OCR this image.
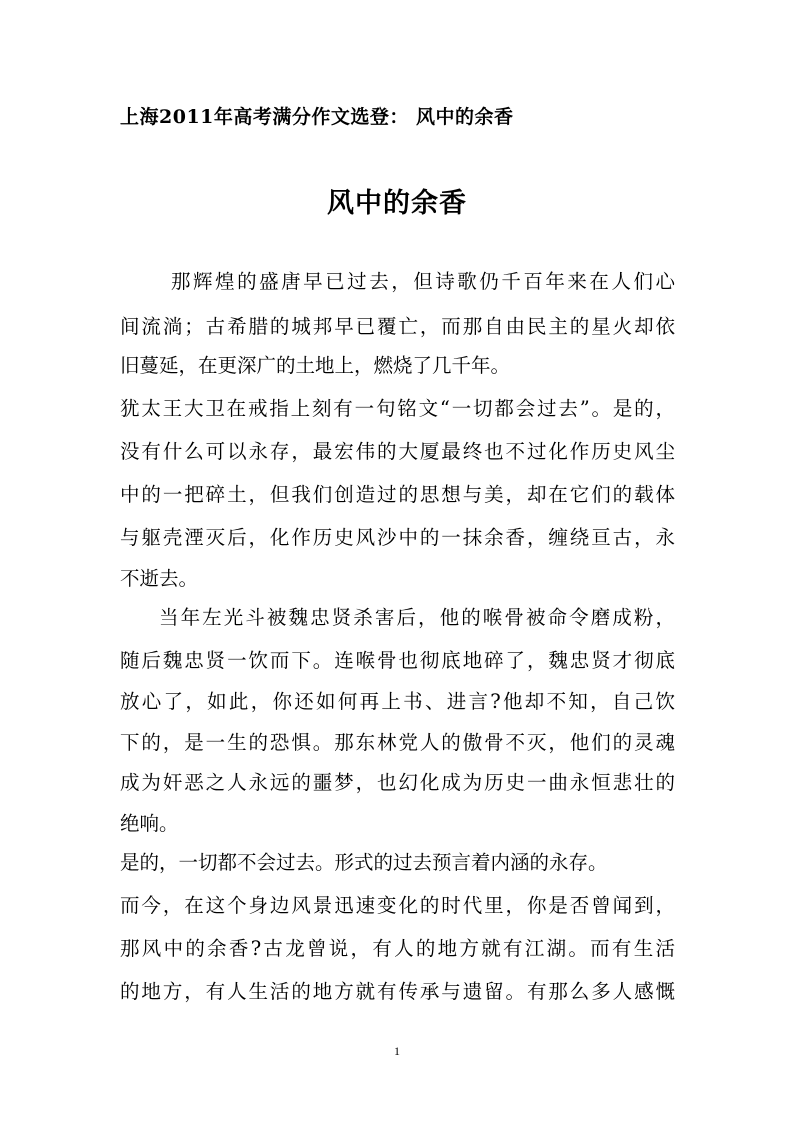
上海2011年高考满分作文选登： 风中的余香
风中的余香
那辉煌的盛唐早已过去，但诗歌仍千百年来在人们心
间流淌；古希腊的城邦早已覆亡，而那自由民主的星火却依
旧蔓延，在更深广的土地上，燃烧了几千年。
犹太王大卫在戒指上刻有一句铭文“一切都会过去”。是的，
没有什么可以永存，最宏伟的大厦最终也不过化作历史风尘
中的一把碎土，但我们创造过的思想与美，却在它们的载体
与躯壳湮灭后，化作历史风沙中的一抹余香，缠绕亘古，永
不逝去。
当年左光斗被魏忠贤杀害后，他的喉骨被命令磨成粉，
随后魏忠贤一饮而下。连喉骨也彻底地碎了，魏忠贤才彻底
放心了，如此，你还如何再上书、进言?他却不知，自己饮
下的，是一生的恐惧。那东林党人的傲骨不灭，他们的灵魂
成为奸恶之人永远的噩梦，也幻化成为历史一曲永恒悲壮的
绝响。
是的，一切都不会过去。形式的过去预言着内涵的永存。
而今，在这个身边风景迅速变化的时代里，你是否曾闻到，
那风中的余香?古龙曾说，有人的地方就有江湖。而有生活
的地方，有人生活的地方就有传承与遗留。有那么多人感慨
1
